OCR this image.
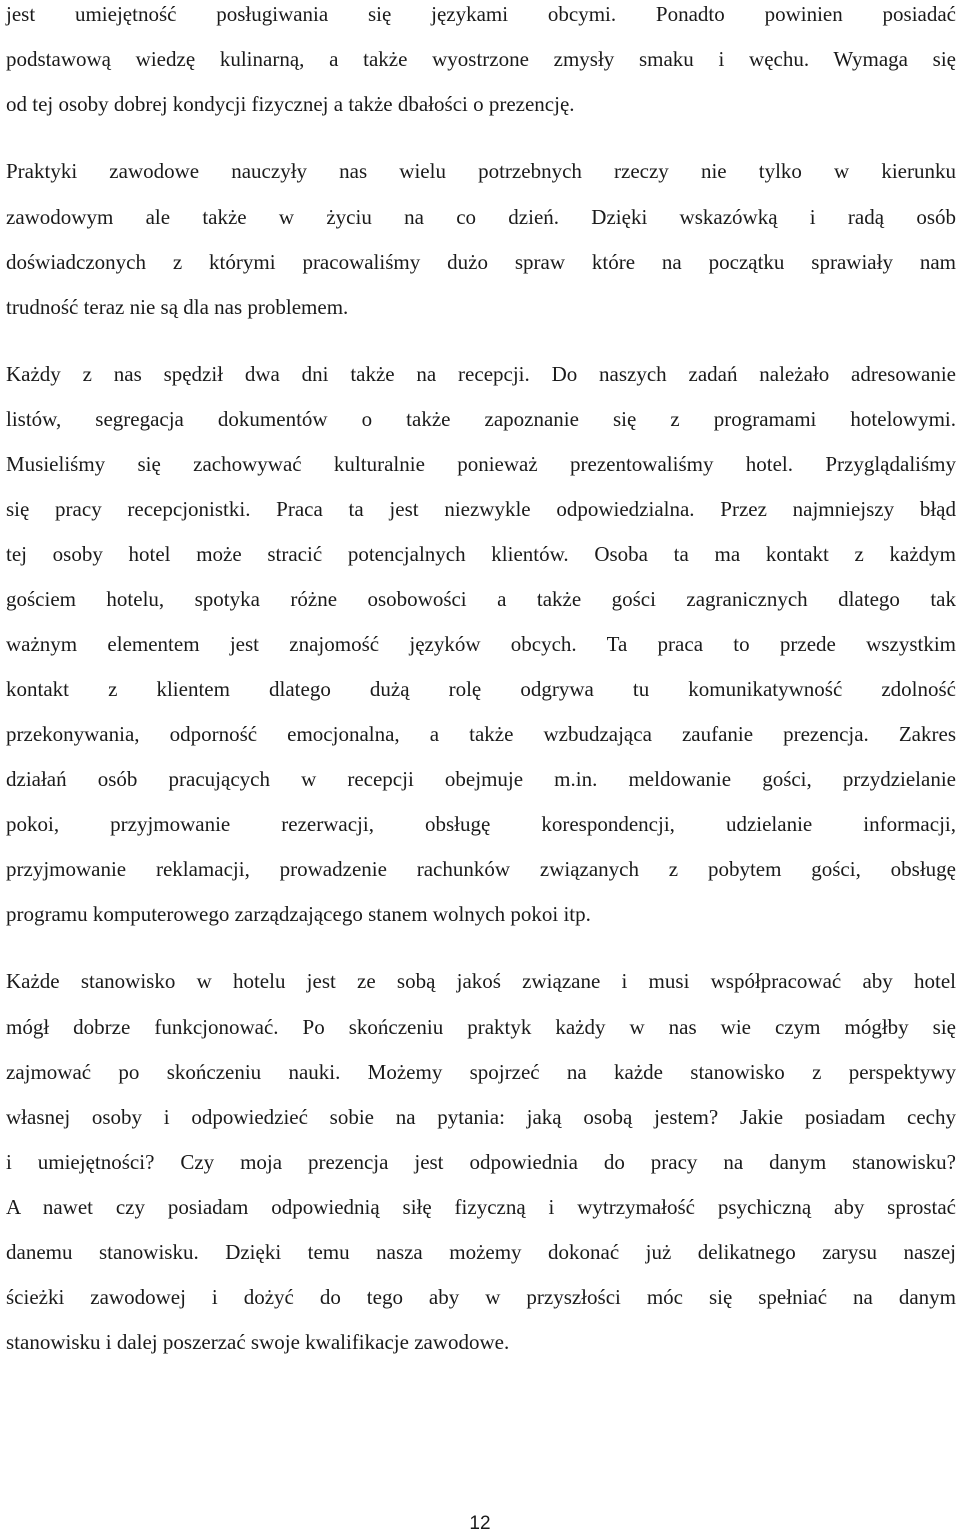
jest umiejętność posługiwania się językami obcymi. Ponadto powinien posiadać
podstawową wiedzę kulinarną, a także wyostrzone zmysły smaku i węchu. Wymaga się
od tej osoby dobrej kondycji fizycznej a także dbałości o prezencję.
Praktyki zawodowe nauczyły nas wielu potrzebnych rzeczy nie tylko w kierunku
zawodowym ale także w życiu na co dzień. Dzięki wskazówką i radą osób
doświadczonych z którymi pracowaliśmy dużo spraw które na początku sprawiały nam
trudność teraz nie są dla nas problemem.
Każdy z nas spędził dwa dni także na recepcji. Do naszych zadań należało adresowanie
listów, segregacja dokumentów o także zapoznanie się z programami hotelowymi.
Musieliśmy się zachowywać kulturalnie ponieważ prezentowaliśmy hotel. Przyglądaliśmy
się pracy recepcjonistki. Praca ta jest niezwykle odpowiedzialna. Przez najmniejszy błąd
tej osoby hotel może stracić potencjalnych klientów. Osoba ta ma kontakt z każdym
gościem hotelu, spotyka różne osobowości a także gości zagranicznych dlatego tak
ważnym elementem jest znajomość języków obcych. Ta praca to przede wszystkim
kontakt z klientem dlatego dużą rolę odgrywa tu komunikatywność zdolność
przekonywania, odporność emocjonalna, a także wzbudzająca zaufanie prezencja. Zakres
działań osób pracujących w recepcji obejmuje m.in. meldowanie gości, przydzielanie
pokoi, przyjmowanie rezerwacji, obsługę korespondencji, udzielanie informacji,
przyjmowanie reklamacji, prowadzenie rachunków związanych z pobytem gości, obsługę
programu komputerowego zarządzającego stanem wolnych pokoi itp.
Każde stanowisko w hotelu jest ze sobą jakoś związane i musi współpracować aby hotel
mógł dobrze funkcjonować. Po skończeniu praktyk każdy w nas wie czym mógłby się
zajmować po skończeniu nauki. Możemy spojrzeć na każde stanowisko z perspektywy
własnej osoby i odpowiedzieć sobie na pytania: jaką osobą jestem? Jakie posiadam cechy
i umiejętności? Czy moja prezencja jest odpowiednia do pracy na danym stanowisku?
A nawet czy posiadam odpowiednią siłę fizyczną i wytrzymałość psychiczną aby sprostać
danemu stanowisku. Dzięki temu nasza możemy dokonać już delikatnego zarysu naszej
ścieżki zawodowej i dożyć do tego aby w przyszłości móc się spełniać na danym
stanowisku i dalej poszerzać swoje kwalifikacje zawodowe.
12
